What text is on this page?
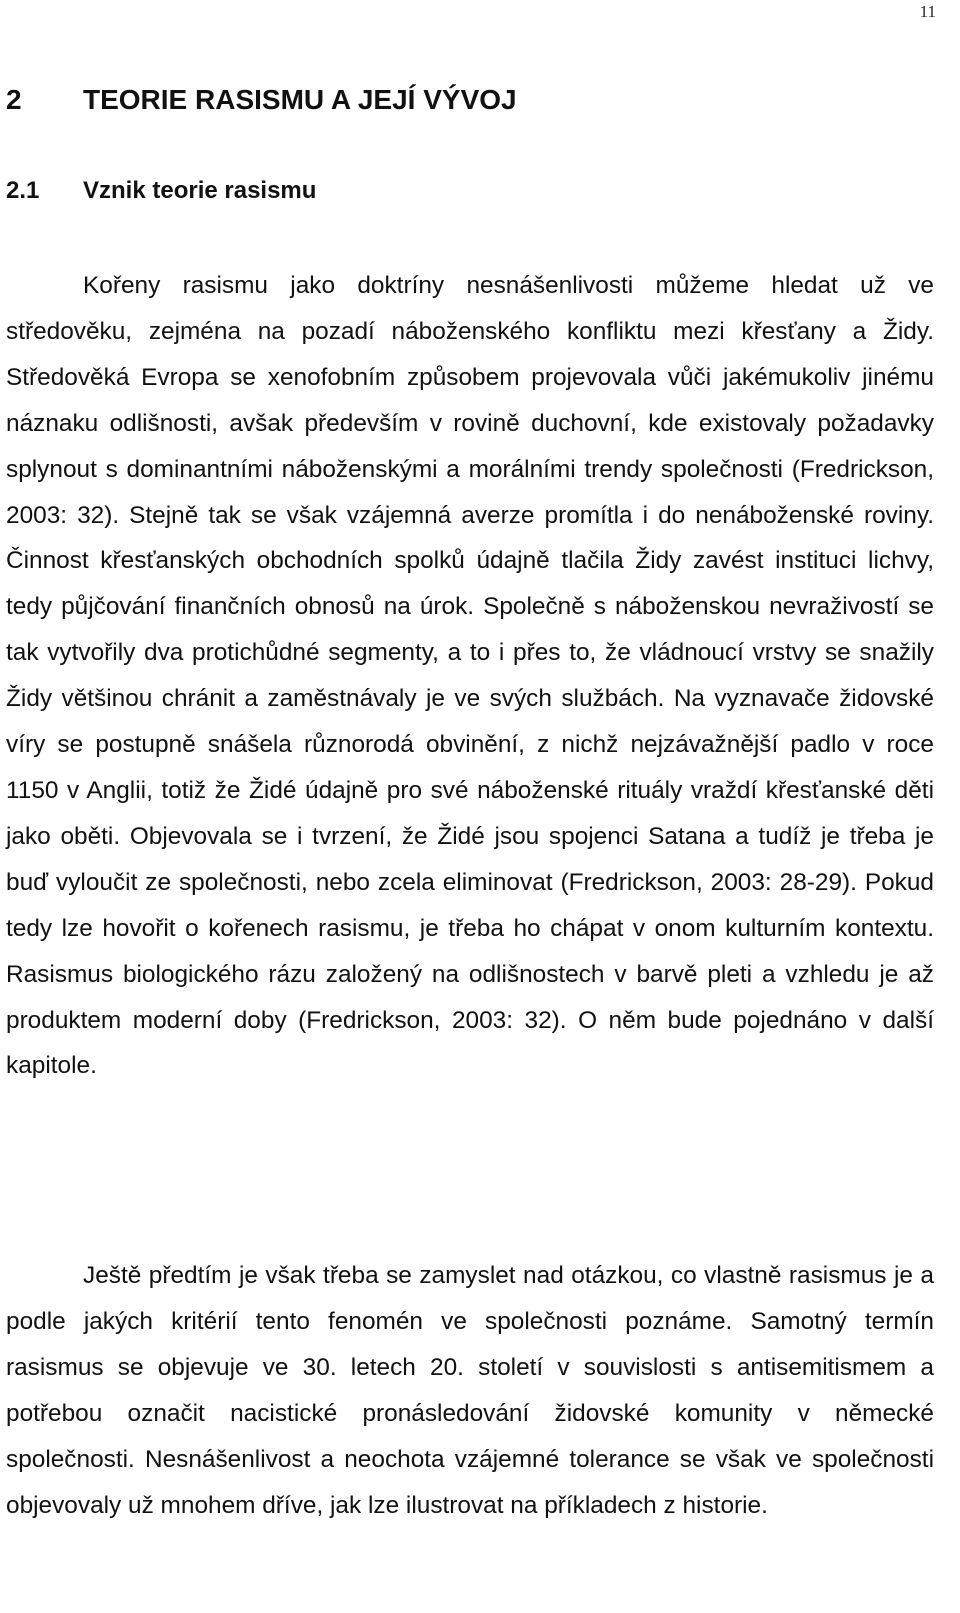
11
2	TEORIE RASISMU A JEJÍ VÝVOJ
2.1	Vznik teorie rasismu

Kořeny rasismu jako doktríny nesnášenlivosti můžeme hledat už ve středověku, zejména na pozadí náboženského konfliktu mezi křesťany a Židy. Středověká Evropa se xenofobním způsobem projevovala vůči jakémukoliv jinému náznaku odlišnosti, avšak především v rovině duchovní, kde existovaly požadavky splynout s dominantními náboženskými a morálními trendy společnosti (Fredrickson, 2003: 32). Stejně tak se však vzájemná averze promítla i do nenáboženské roviny. Činnost křesťanských obchodních spolků údajně tlačila Židy zavést instituci lichvy, tedy půjčování finančních obnosů na úrok. Společně s náboženskou nevraživostí se tak vytvořily dva protichůdné segmenty, a to i přes to, že vládnoucí vrstvy se snažily Židy většinou chránit a zaměstnávaly je ve svých službách. Na vyznavače židovské víry se postupně snášela různorodá obvinění, z nichž nejzávažnější padlo v roce 1150 v Anglii, totiž že Židé údajně pro své náboženské rituály vraždí křesťanské děti jako oběti. Objevovala se i tvrzení, že Židé jsou spojenci Satana a tudíž je třeba je buď vyloučit ze společnosti, nebo zcela eliminovat (Fredrickson, 2003: 28-29). Pokud tedy lze hovořit o kořenech rasismu, je třeba ho chápat v onom kulturním kontextu. Rasismus biologického rázu založený na odlišnostech v barvě pleti a vzhledu je až produktem moderní doby (Fredrickson, 2003: 32). O něm bude pojednáno v další kapitole.

Ještě předtím je však třeba se zamyslet nad otázkou, co vlastně rasismus je a podle jakých kritérií tento fenomén ve společnosti poznáme. Samotný termín rasismus se objevuje ve 30. letech 20. století v souvislosti s antisemitismem a potřebou označit nacistické pronásledování židovské komunity v německé společnosti. Nesnášenlivost a neochota vzájemné tolerance se však ve společnosti objevovaly už mnohem dříve, jak lze ilustrovat na příkladech z historie.
